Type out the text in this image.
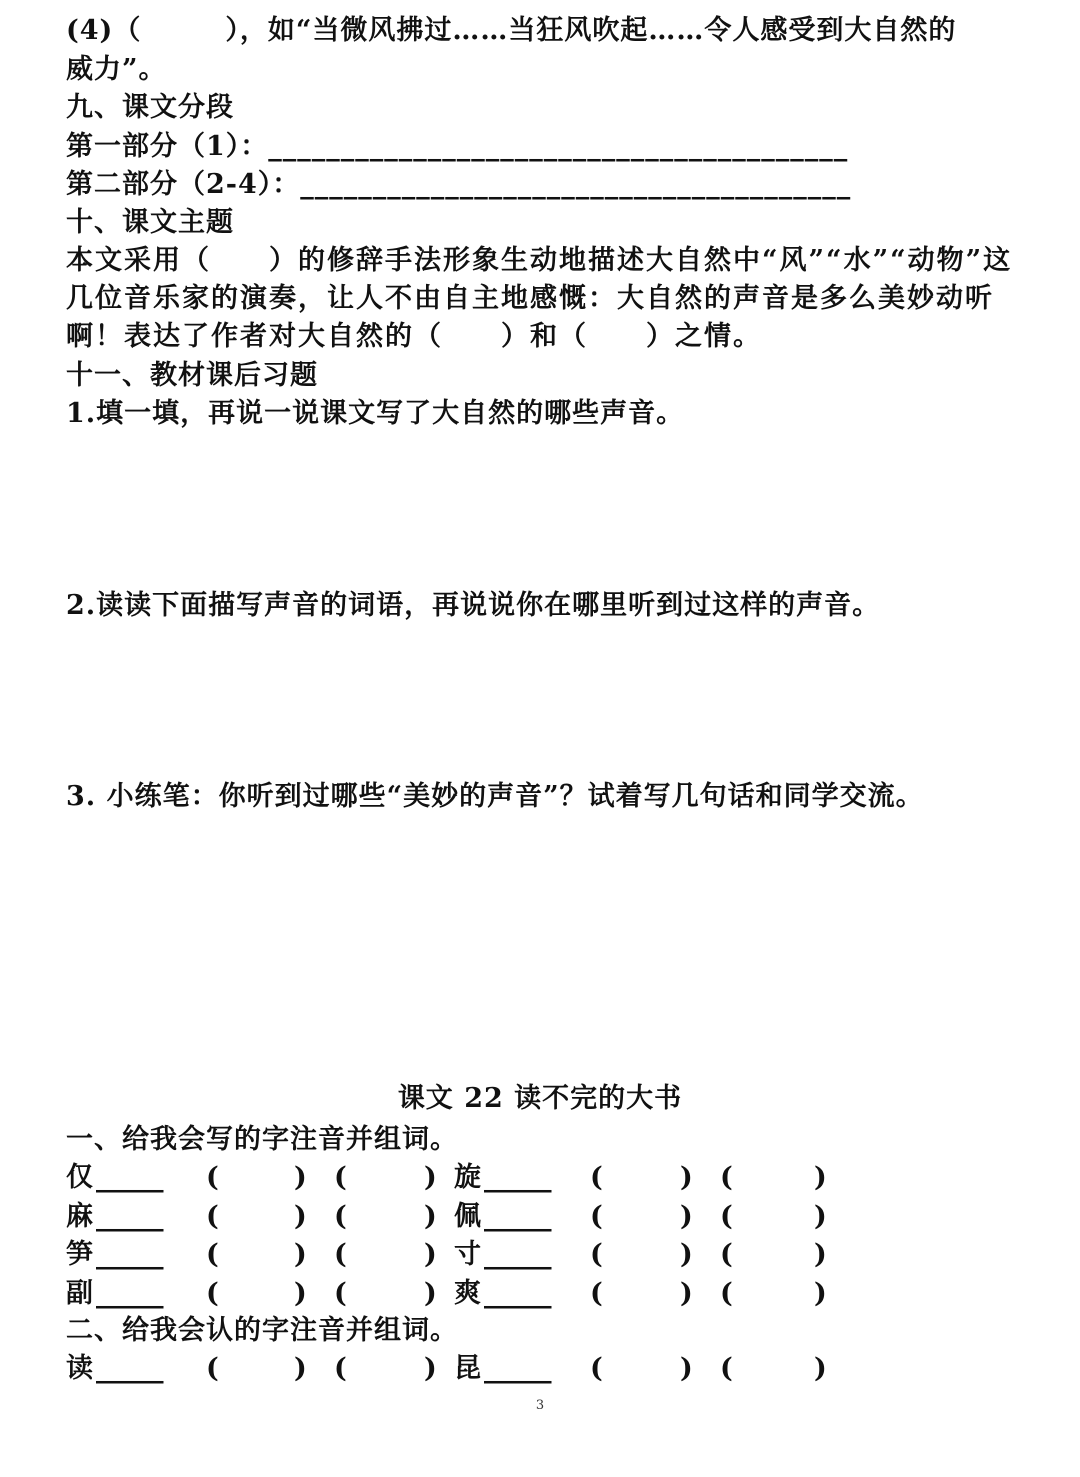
(4)（　　　），如“当微风拂过……当狂风吹起……令人感受到大自然的
威力”。
九、课文分段
第一部分（1）：________________________________________
第二部分（2-4）：______________________________________
十、课文主题
本文采用（　　）的修辞手法形象生动地描述大自然中“风”“水”“动物”这几位音乐家的演奏，让人不由自主地感慨：大自然的声音是多么美妙动听啊！表达了作者对大自然的（　　）和（　　）之情。
十一、教材课后习题
1.填一填，再说一说课文写了大自然的哪些声音。
2.读读下面描写声音的词语，再说说你在哪里听到过这样的声音。
3. 小练笔：你听到过哪些“美妙的声音”？试着写几句话和同学交流。
课文 22 读不完的大书
一、给我会写的字注音并组词。
仅 _____ (	) (	) 旋 _____ (	) (	)
麻 _____ (	) (	) 佩 _____ (	) (	)
笋 _____ (	) (	) 寸 _____ (	) (	)
副 _____ (	) (	) 爽 _____ (	) (	)
二、给我会认的字注音并组词。
读 _____ (	) (	) 昆 _____ (	) (	)
3
